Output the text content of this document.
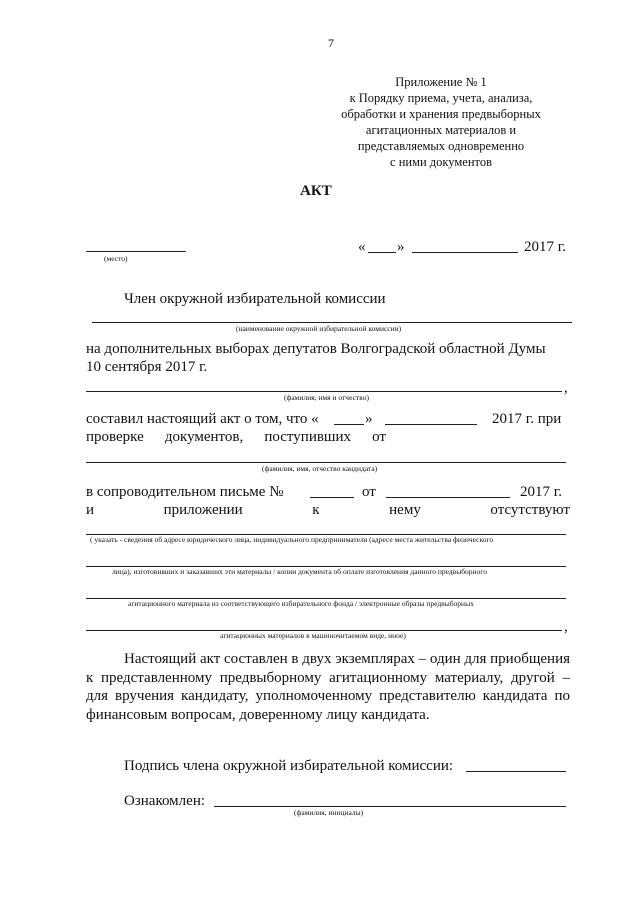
7
Приложение № 1
к Порядку приема, учета, анализа,
обработки и хранения предвыборных
агитационных материалов и
представляемых одновременно
с ними документов
АКТ
(место)
« »	2017 г.
Член окружной избирательной комиссии
(наименование окружной избирательной комиссии)
на дополнительных выборах депутатов Волгоградской областной Думы
10 сентября 2017 г.
,
(фамилия, имя и отчество)
составил настоящий акт о том, что «	»	2017 г. при
проверке документов, поступивших от
(фамилия, имя, отчество кандидата)
в сопроводительном письме №	от	2017 г.
и	приложении	к	нему	отсутствуют
( указать - сведения об адресе юридического лица, индивидуального предпринимателя (адресе места жительства физического
лица), изготовивших и заказавших эти материалы / копии документа об оплате изготовления данного предвыборного
агитационного материала из соответствующего избирательного фонда / электронные образы предвыборных
,
агитационных материалов в машиночитаемом виде, иное)
Настоящий акт составлен в двух экземплярах – один для приобщения к представленному предвыборному агитационному материалу, другой – для вручения кандидату, уполномоченному представителю кандидата по финансовым вопросам, доверенному лицу кандидата.
Подпись члена окружной избирательной комиссии:
Ознакомлен:
(фамилия, инициалы)
